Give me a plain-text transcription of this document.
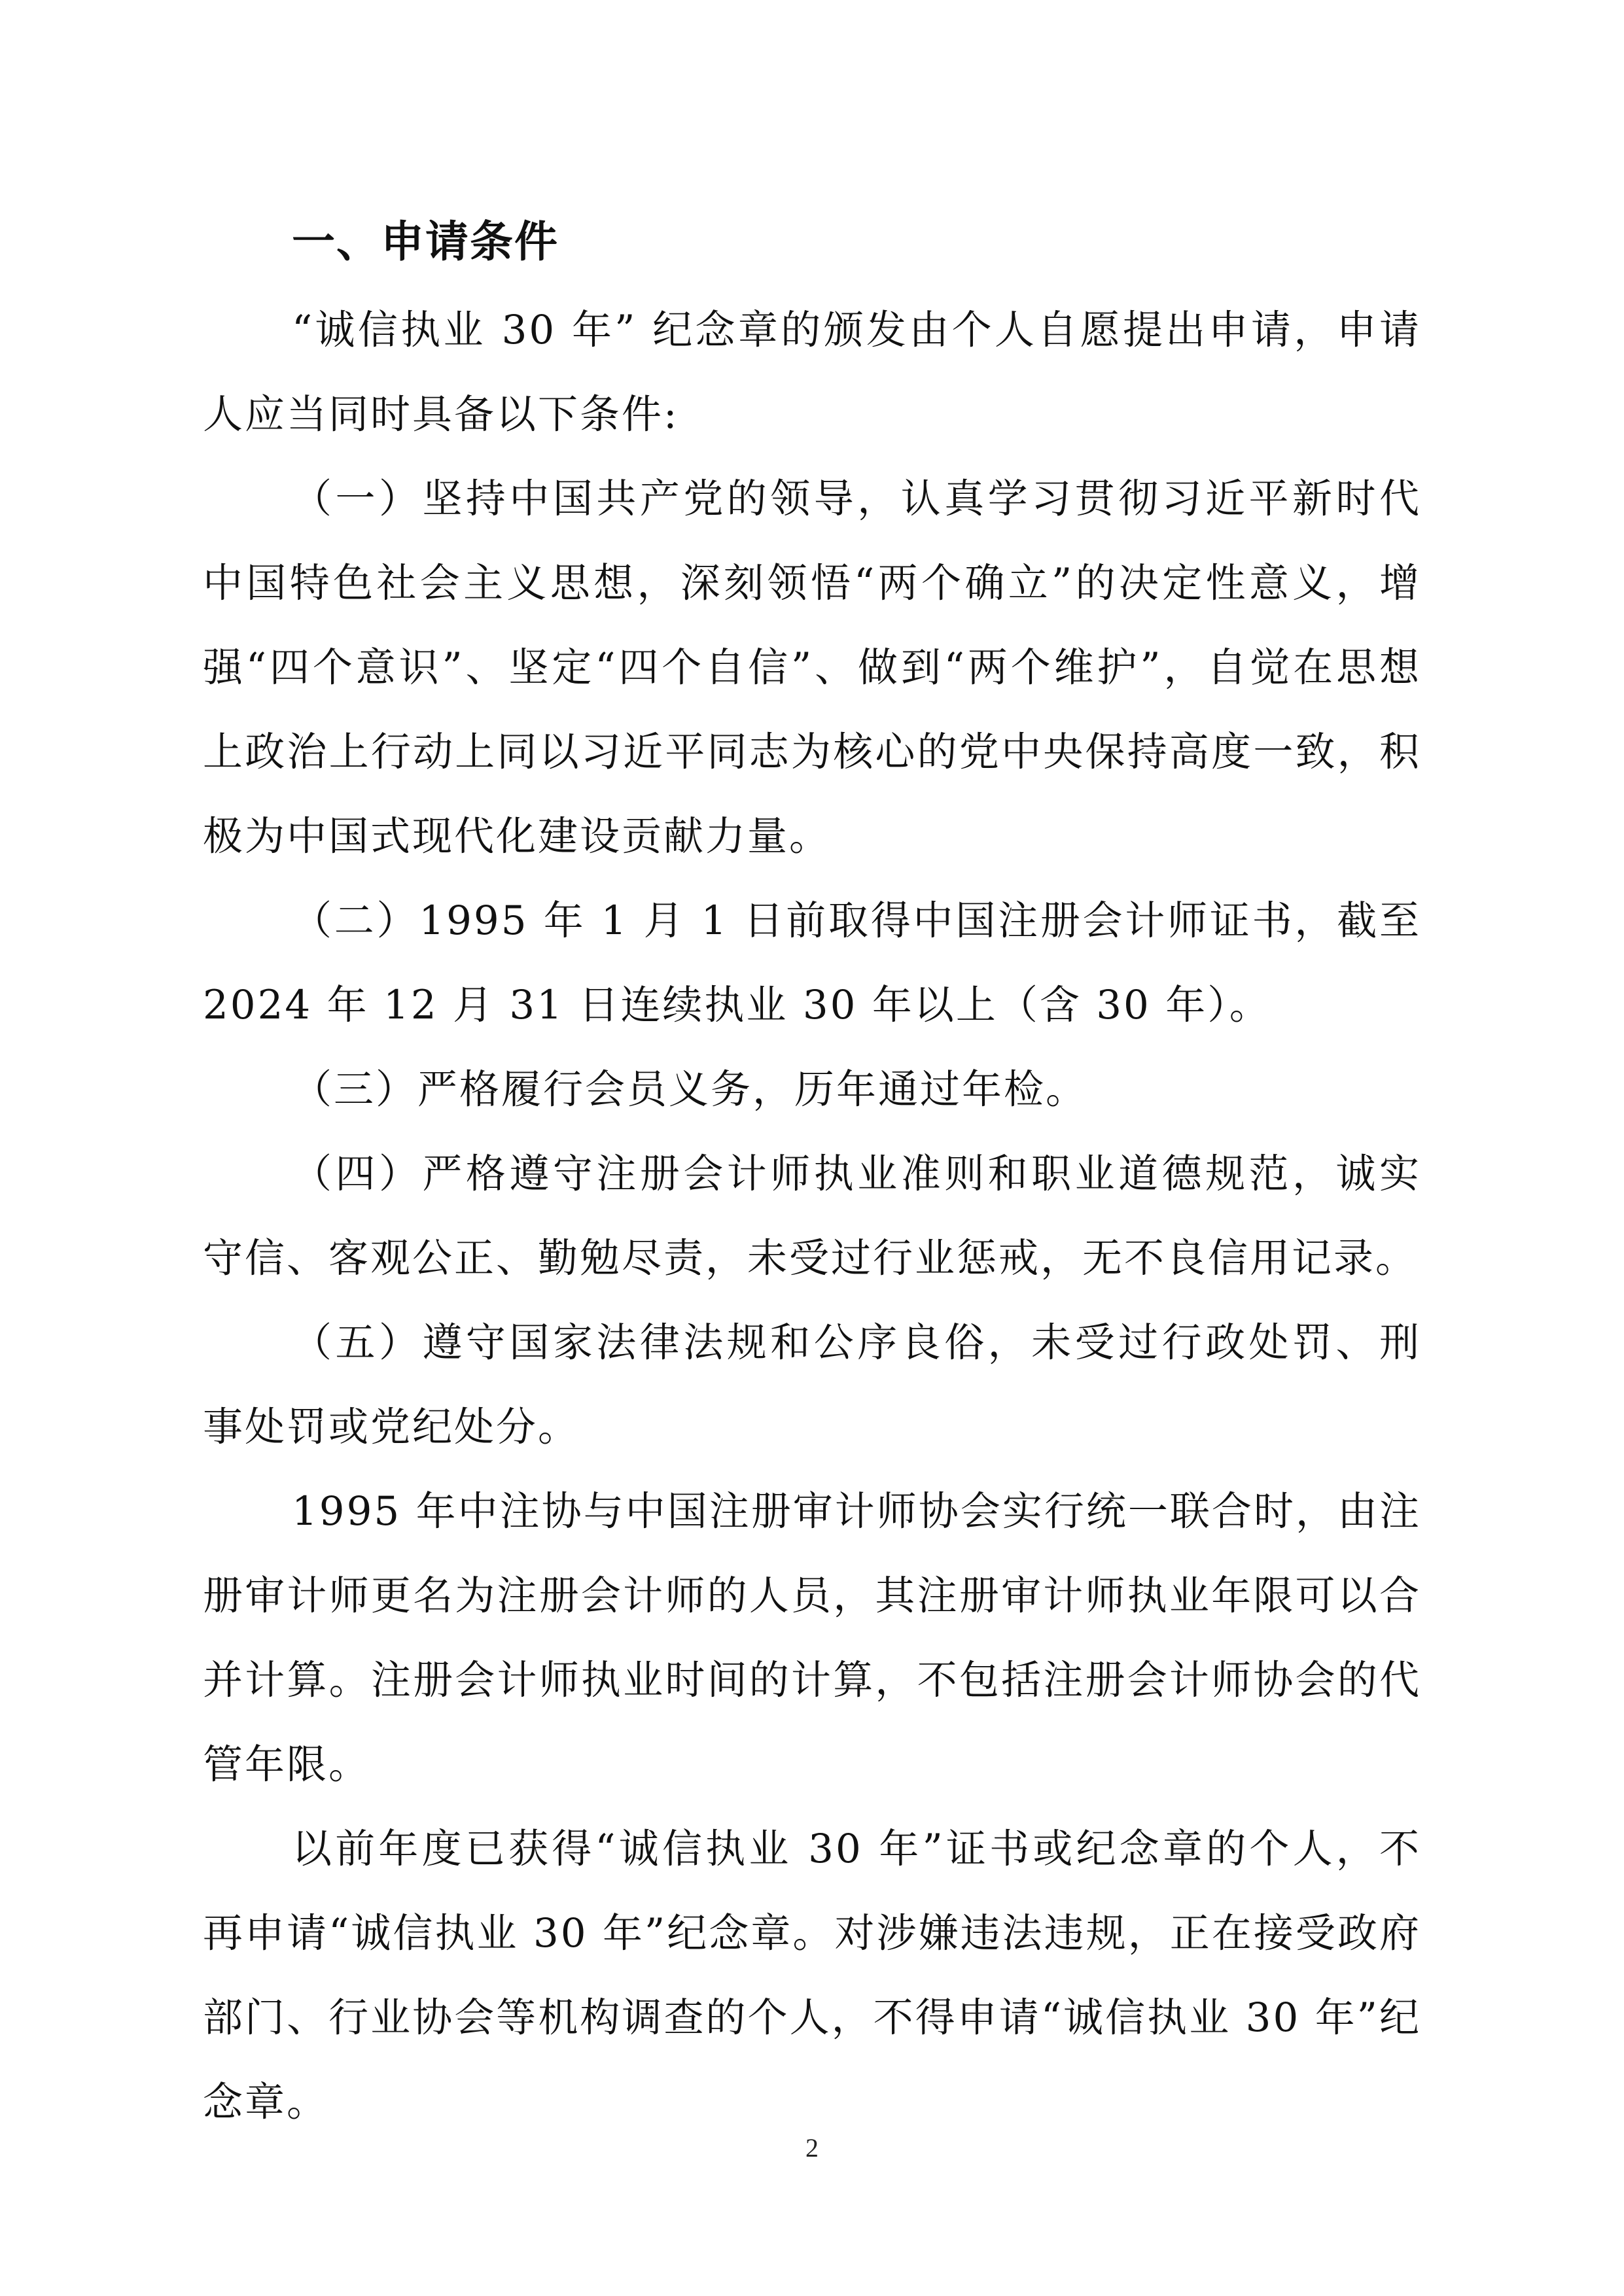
一、申请条件

“诚信执业 30 年” 纪念章的颁发由个人自愿提出申请，申请人应当同时具备以下条件:

（一）坚持中国共产党的领导，认真学习贯彻习近平新时代中国特色社会主义思想，深刻领悟“两个确立”的决定性意义，增强“四个意识”、坚定“四个自信”、做到“两个维护”，自觉在思想上政治上行动上同以习近平同志为核心的党中央保持高度一致，积极为中国式现代化建设贡献力量。

（二）1995 年 1 月 1 日前取得中国注册会计师证书，截至 2024 年 12 月 31 日连续执业 30 年以上（含 30 年）。

（三）严格履行会员义务，历年通过年检。

（四）严格遵守注册会计师执业准则和职业道德规范，诚实守信、客观公正、勤勉尽责，未受过行业惩戒，无不良信用记录。

（五）遵守国家法律法规和公序良俗，未受过行政处罚、刑事处罚或党纪处分。

1995 年中注协与中国注册审计师协会实行统一联合时，由注册审计师更名为注册会计师的人员，其注册审计师执业年限可以合并计算。注册会计师执业时间的计算，不包括注册会计师协会的代管年限。

以前年度已获得“诚信执业 30 年”证书或纪念章的个人，不再申请“诚信执业 30 年”纪念章。对涉嫌违法违规，正在接受政府部门、行业协会等机构调查的个人，不得申请“诚信执业 30 年”纪念章。

2
